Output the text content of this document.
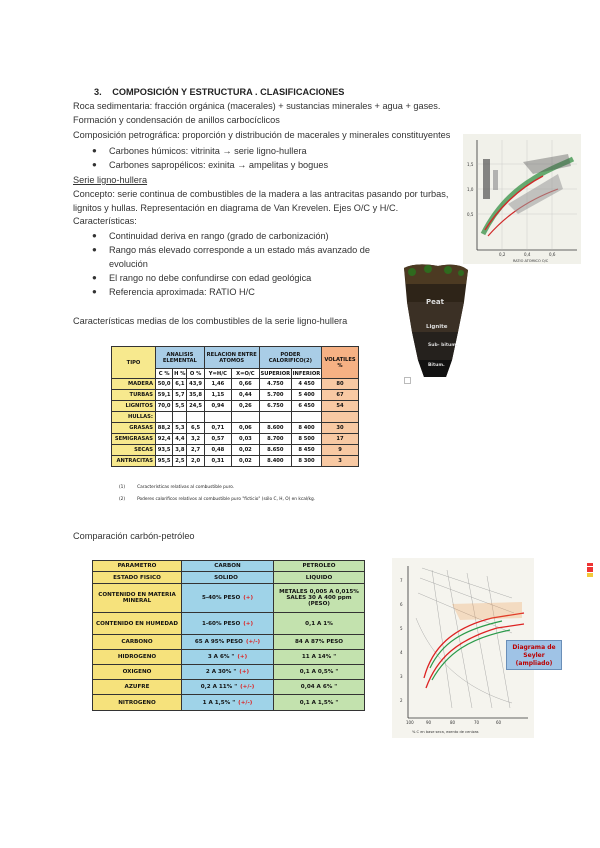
3. COMPOSICIÓN Y ESTRUCTURA . CLASIFICACIONES
Roca sedimentaria: fracción orgánica (macerales) + sustancias minerales + agua + gases.
Formación y condensación de anillos carbocíclicos
Composición petrográfica: proporción y distribución de macerales y minerales constituyentes
● Carbones húmicos: vitrinita → serie ligno-hullera
● Carbones sapropélicos: exinita → ampelitas y bogues
Serie ligno-hullera
Concepto: serie continua de combustibles de la madera a las antracitas pasando por turbas,
lignitos y hullas. Representación en diagrama de Van Krevelen. Ejes O/C y H/C.
Características:
● Continuidad deriva en rango (grado de carbonización)
● Rango más elevado corresponde a un estado más avanzado de
evolución
● El rango no debe confundirse con edad geológica
● Referencia aproximada: RATIO H/C
Características medias de los combustibles de la serie ligno-hullera
TIPO	ANALISIS ELEMENTAL			RELACION ENTRE ATOMOS		PODER CALORIFICO(2)		VOLATILES %
	C %	H %	O %	Y=H/C	X=O/C	SUPERIOR	INFERIOR	
MADERA	50,0	6,1	43,9	1,46	0,66	4.750	4 450	80
TURBAS	59,1	5,7	35,8	1,15	0,44	5.700	5 400	67
LIGNITOS	70,0	5,5	24,5	0,94	0,26	6.750	6 450	54
HULLAS:								
GRASAS	88,2	5,3	6,5	0,71	0,06	8.600	8 400	30
SEMIGRASAS	92,4	4,4	3,2	0,57	0,03	8.700	8 500	17
SECAS	93,5	3,8	2,7	0,48	0,02	8.650	8 450	9
ANTRACITAS	95,5	2,5	2,0	0,31	0,02	8.400	8 300	3
(1)	Características relativas al combustible puro.
(2)	Poderes caloríficos relativos al combustible puro "ficticio" (sólo C, H, O) en kcal/kg.
Comparación carbón-petróleo
PARAMETRO	CARBON	PETROLEO
ESTADO FISICO	SOLIDO	LIQUIDO
CONTENIDO EN MATERIA MINERAL	5-40% PESO (+)	METALES 0,005 A 0,015% SALES 30 A 400 ppm (PESO)
CONTENIDO EN HUMEDAD	1-60% PESO (+)	0,1 A 1%
CARBONO	65 A 95% PESO (+/-)	84 A 87% PESO
HIDROGENO	3 A 6% " (+)	11 A 14% "
OXIGENO	2 A 30% " (+)	0,1 A 0,5% "
AZUFRE	0,2 A 11% " (+/-)	0,04 A 6% "
NITROGENO	1 A 1,5% " (+/-)	0,1 A 1,5% "
1,5
1,0
0,5
0,2	0,4	0,6
RATIO ATOMICO O/C
Peat
Lignite
Sub- bitum.
Bitum.
7
6
5
4
3
2
100	90	80	70	60
% C en base seca, exento de cenizas
Diagrama de Seyler (ampliado)
